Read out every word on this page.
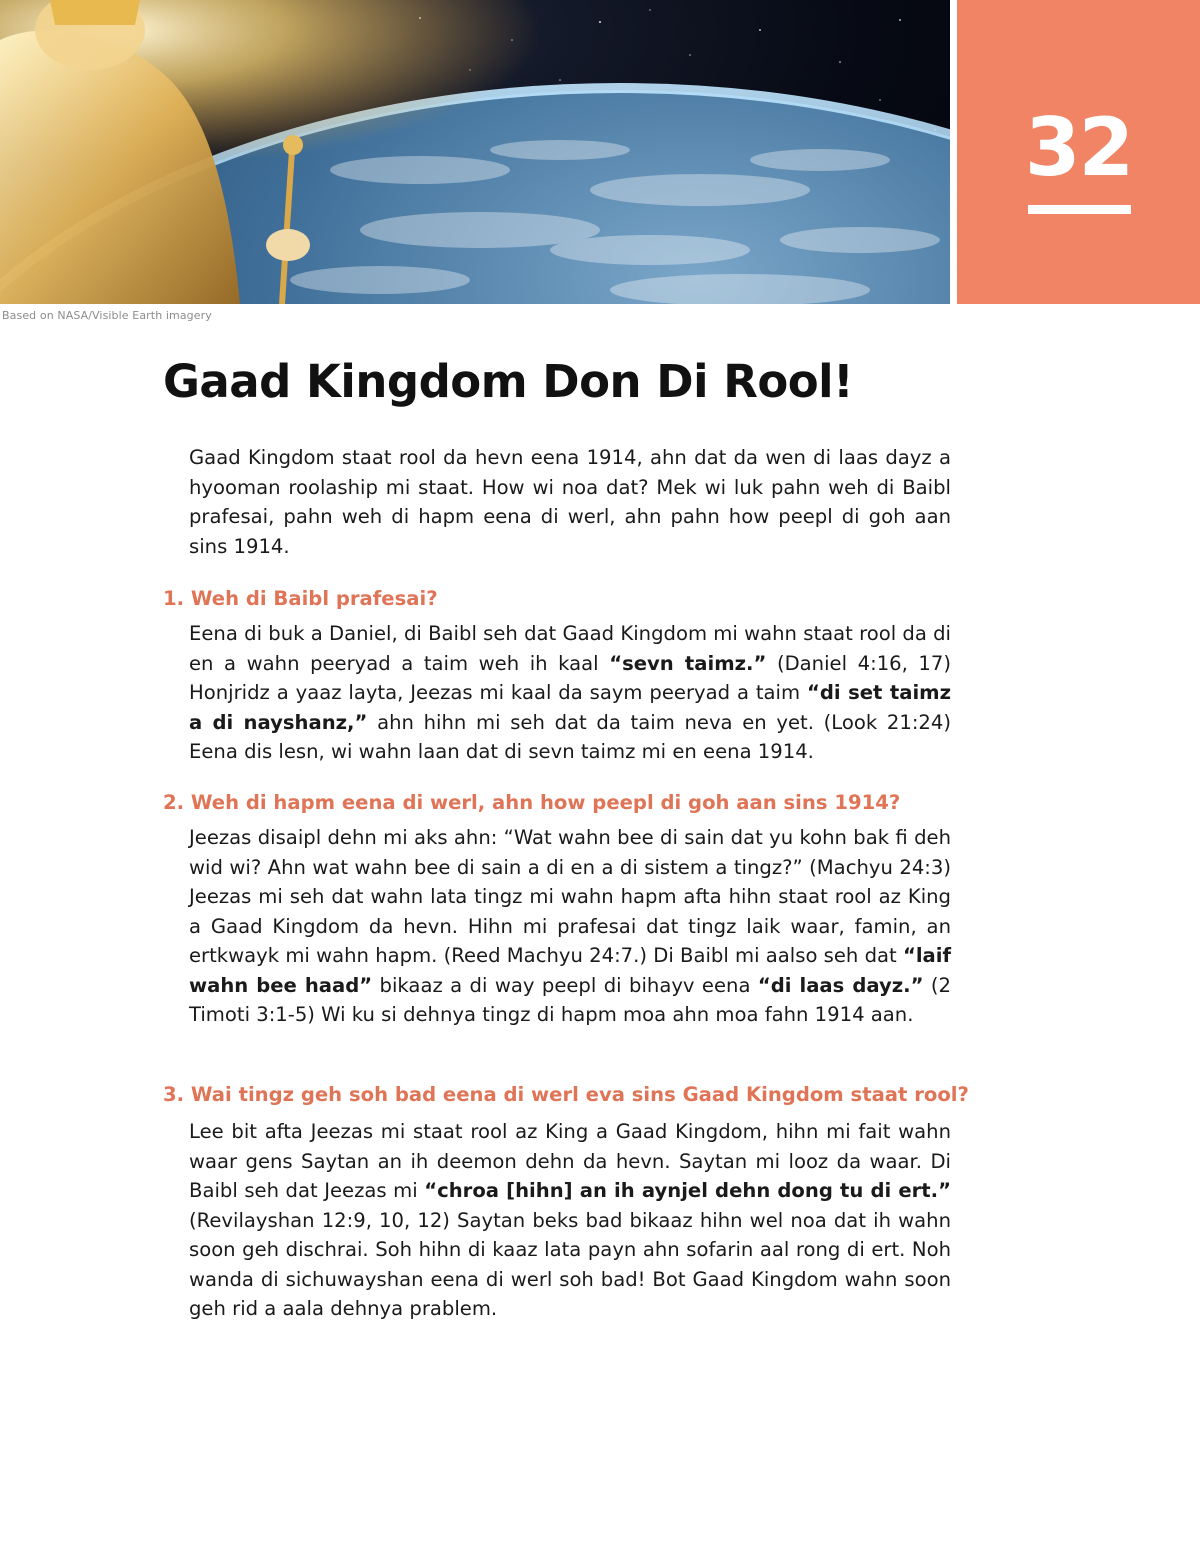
32
Based on NASA/Visible Earth imagery
Gaad Kingdom Don Di Rool!

Gaad Kingdom staat rool da hevn eena 1914, ahn dat da wen di laas dayz a hyooman roolaship mi staat. How wi noa dat? Mek wi luk pahn weh di Baibl prafesai, pahn weh di hapm eena di werl, ahn pahn how peepl di goh aan sins 1914.

1. Weh di Baibl prafesai?

Eena di buk a Daniel, di Baibl seh dat Gaad Kingdom mi wahn staat rool da di en a wahn peeryad a taim weh ih kaal “sevn taimz.” (Daniel 4:16, 17) Honjridz a yaaz layta, Jeezas mi kaal da saym peeryad a taim “di set taimz a di nayshanz,” ahn hihn mi seh dat da taim neva en yet. (Look 21:24) Eena dis lesn, wi wahn laan dat di sevn taimz mi en eena 1914.

2. Weh di hapm eena di werl, ahn how peepl di goh aan sins 1914?

Jeezas disaipl dehn mi aks ahn: “Wat wahn bee di sain dat yu kohn bak fi deh wid wi? Ahn wat wahn bee di sain a di en a di sistem a tingz?” (Machyu 24:3) Jeezas mi seh dat wahn lata tingz mi wahn hapm afta hihn staat rool az King a Gaad Kingdom da hevn. Hihn mi prafesai dat tingz laik waar, famin, an ertkwayk mi wahn hapm. (Reed Machyu 24:7.) Di Baibl mi aalso seh dat “laif wahn bee haad” bikaaz a di way peepl di bihayv eena “di laas dayz.” (2 Timoti 3:1-5) Wi ku si dehnya tingz di hapm moa ahn moa fahn 1914 aan.

3. Wai tingz geh soh bad eena di werl eva sins Gaad Kingdom staat rool?

Lee bit afta Jeezas mi staat rool az King a Gaad Kingdom, hihn mi fait wahn waar gens Saytan an ih deemon dehn da hevn. Saytan mi looz da waar. Di Baibl seh dat Jeezas mi “chroa [hihn] an ih aynjel dehn dong tu di ert.” (Revilayshan 12:9, 10, 12) Saytan beks bad bikaaz hihn wel noa dat ih wahn soon geh dischrai. Soh hihn di kaaz lata payn ahn sofarin aal rong di ert. Noh wanda di sichuwayshan eena di werl soh bad! Bot Gaad Kingdom wahn soon geh rid a aala dehnya prablem.
